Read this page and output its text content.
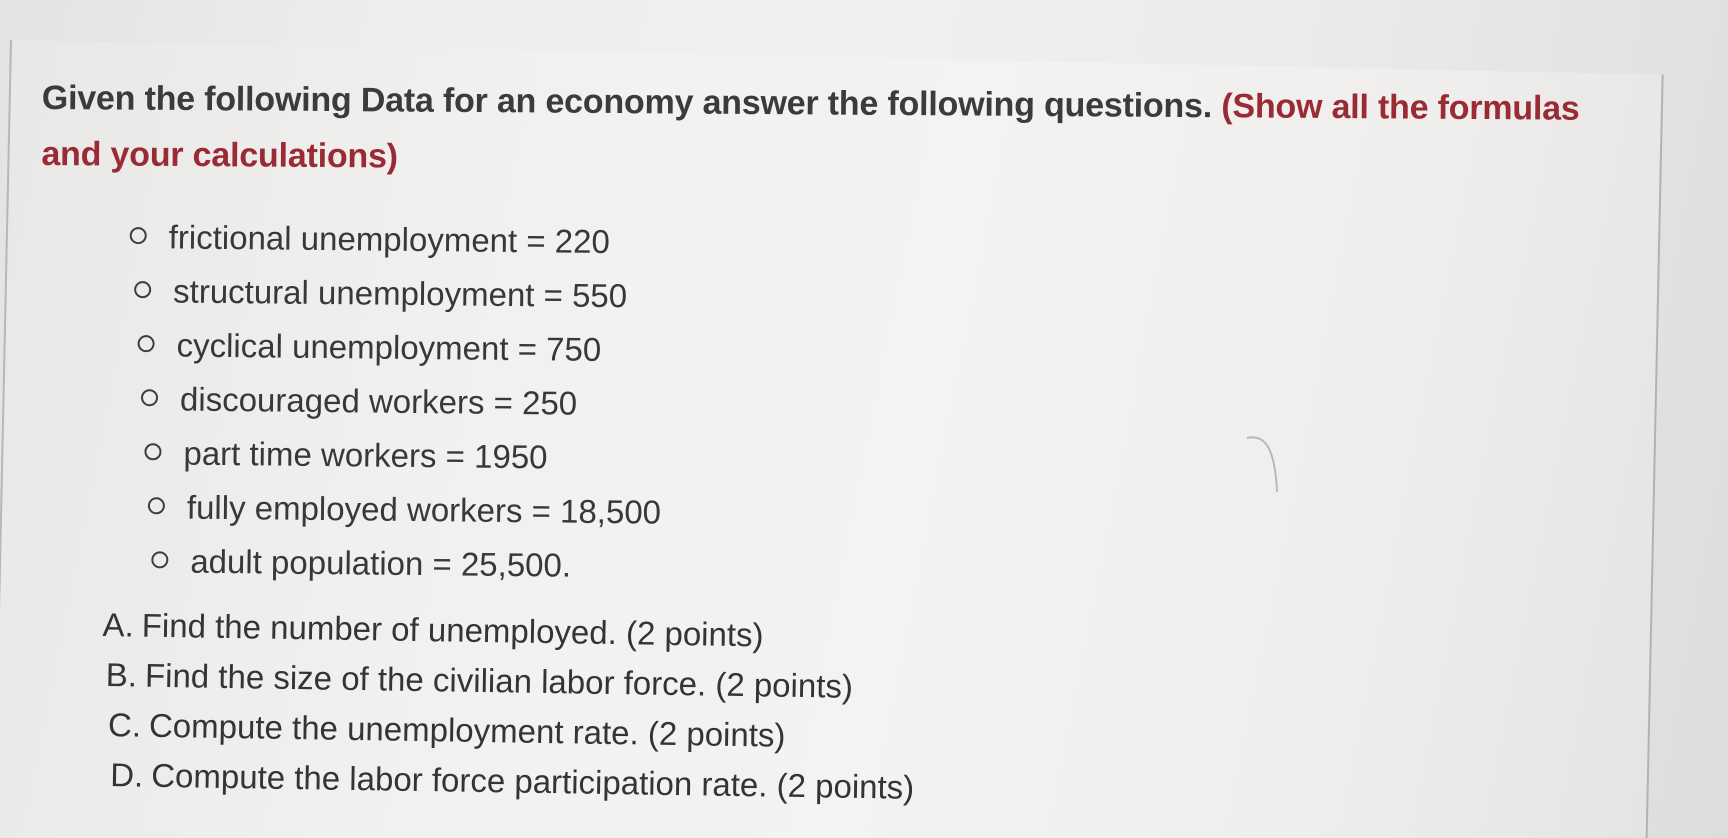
Given the following Data for an economy answer the following questions. (Show all the formulas and your calculations)
frictional unemployment = 220
structural unemployment = 550
cyclical unemployment = 750
discouraged workers = 250
part time workers = 1950
fully employed workers = 18,500
adult population = 25,500.
A. Find the number of unemployed. (2 points)
B. Find the size of the civilian labor force. (2 points)
C. Compute the unemployment rate. (2 points)
D. Compute the labor force participation rate. (2 points)
